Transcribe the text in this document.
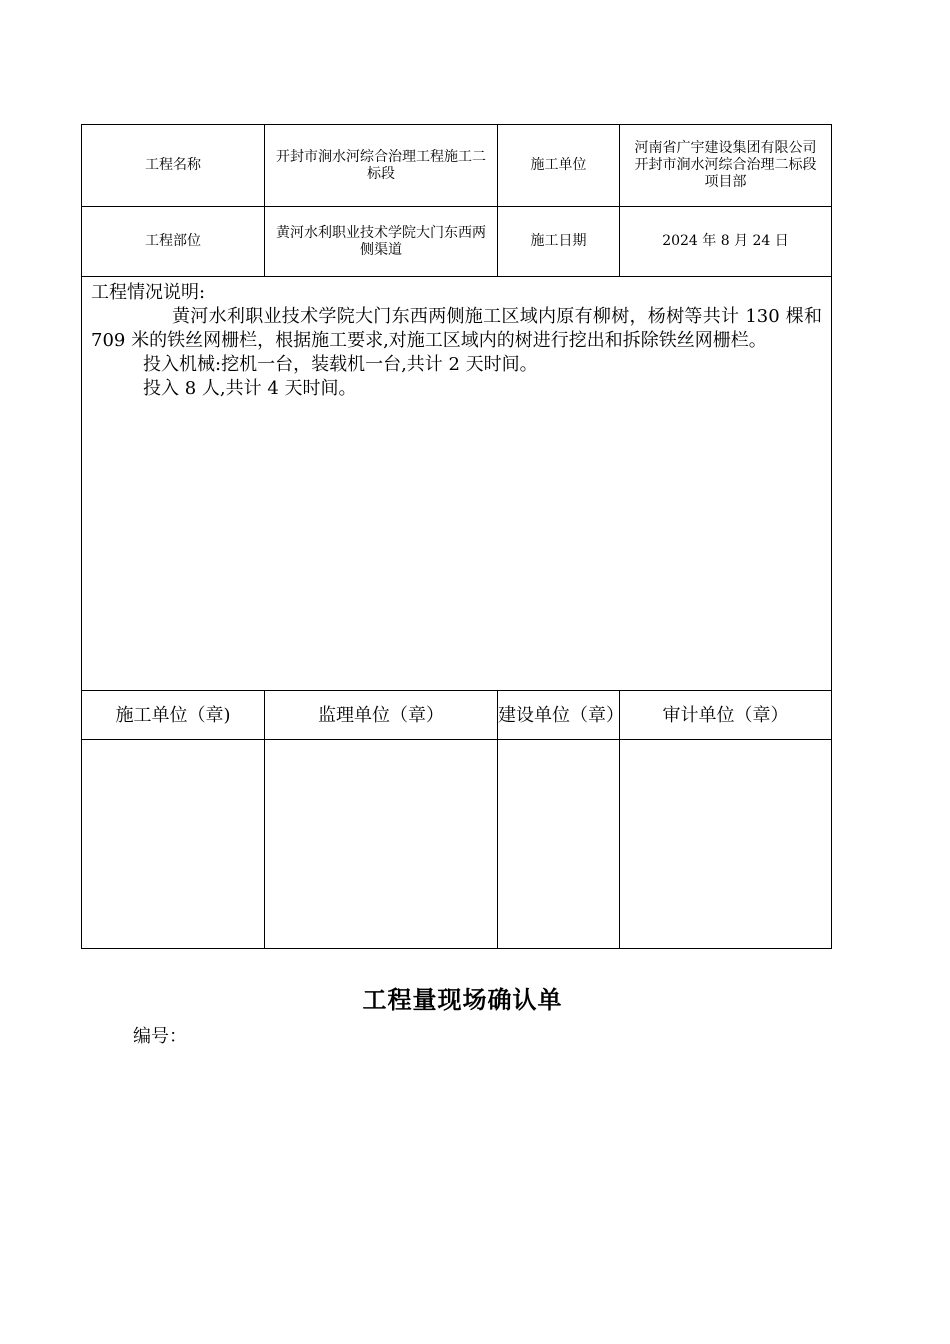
工程名称	开封市涧水河综合治理工程施工二标段	施工单位	河南省广宇建设集团有限公司开封市涧水河综合治理二标段项目部
工程部位	黄河水利职业技术学院大门东西两侧渠道	施工日期	2024 年 8 月 24 日

工程情况说明:
黄河水利职业技术学院大门东西两侧施工区域内原有柳树，杨树等共计 130 棵和 709 米的铁丝网栅栏，根据施工要求,对施工区域内的树进行挖出和拆除铁丝网栅栏。
投入机械:挖机一台，装载机一台,共计 2 天时间。
投入 8 人,共计 4 天时间。			

施工单位（章)	监理单位（章）	建设单位（章）	审计单位（章）

工程量现场确认单
编号：
